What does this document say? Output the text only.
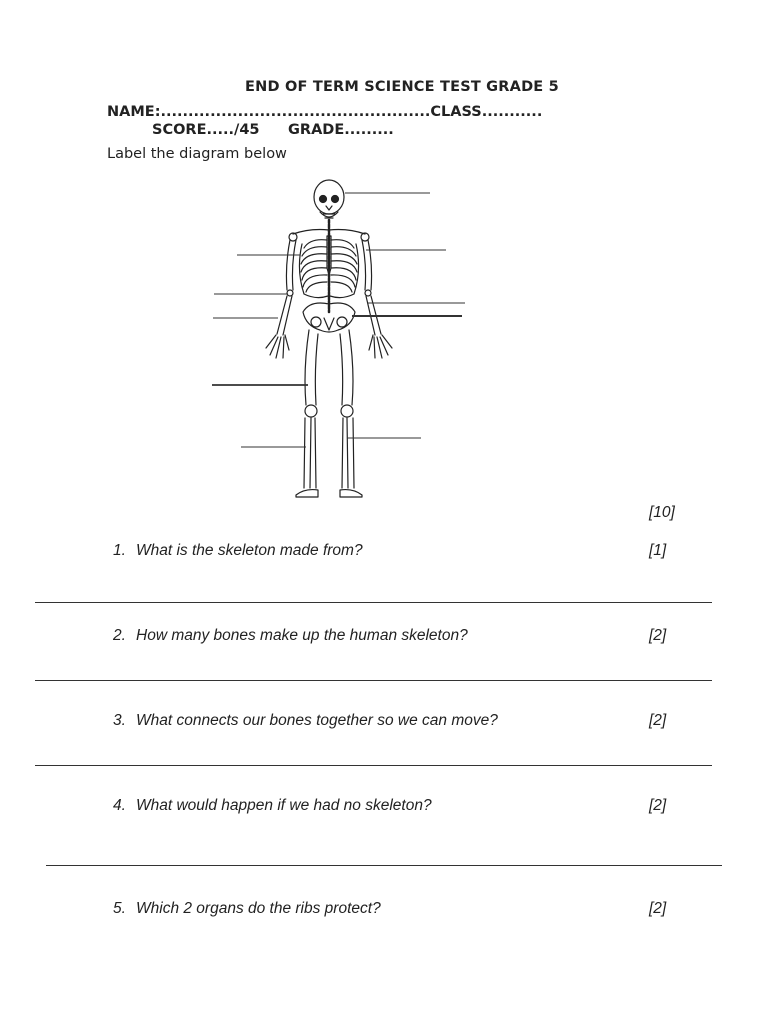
END OF TERM SCIENCE TEST GRADE 5
NAME:.................................................CLASS...........
SCORE...../45 GRADE.........
Label the diagram below
[10]
1. What is the skeleton made from?	[1]
2. How many bones make up the human skeleton?	[2]
3. What connects our bones together so we can move?	[2]
4. What would happen if we had no skeleton?	[2]
5. Which 2 organs do the ribs protect?	[2]
